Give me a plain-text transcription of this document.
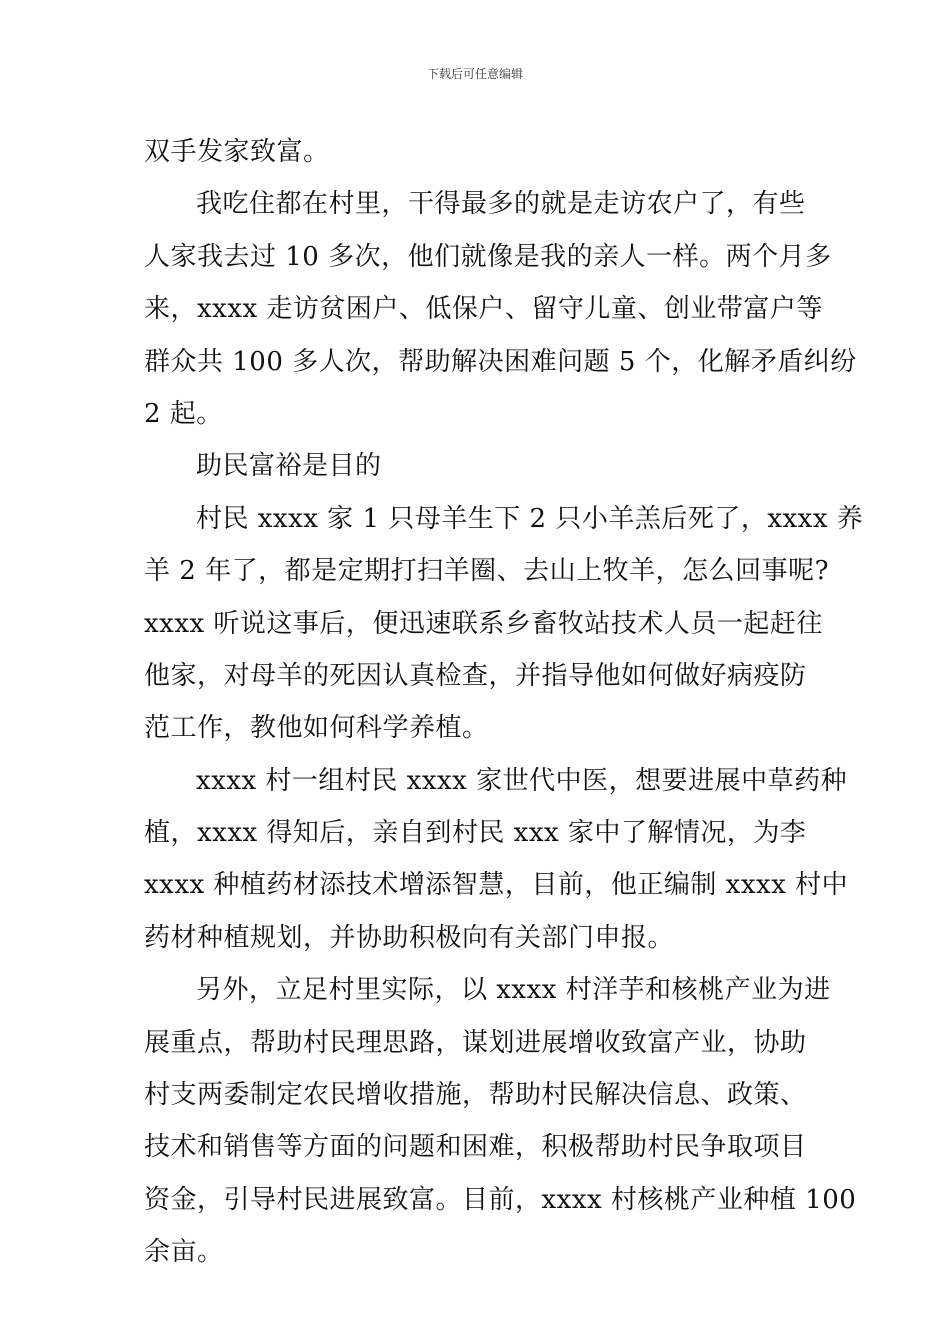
下载后可任意编辑
双手发家致富。
我吃住都在村里，干得最多的就是走访农户了，有些
人家我去过 10 多次，他们就像是我的亲人一样。两个月多
来，xxxx 走访贫困户、低保户、留守儿童、创业带富户等
群众共 100 多人次，帮助解决困难问题 5 个，化解矛盾纠纷
2 起。
助民富裕是目的
村民 xxxx 家 1 只母羊生下 2 只小羊羔后死了，xxxx 养
羊 2 年了，都是定期打扫羊圈、去山上牧羊，怎么回事呢?
xxxx 听说这事后，便迅速联系乡畜牧站技术人员一起赶往
他家，对母羊的死因认真检查，并指导他如何做好病疫防
范工作，教他如何科学养植。
xxxx 村一组村民 xxxx 家世代中医，想要进展中草药种
植，xxxx 得知后，亲自到村民 xxx 家中了解情况，为李
xxxx 种植药材添技术增添智慧，目前，他正编制 xxxx 村中
药材种植规划，并协助积极向有关部门申报。
另外，立足村里实际，以 xxxx 村洋芋和核桃产业为进
展重点，帮助村民理思路，谋划进展增收致富产业，协助
村支两委制定农民增收措施，帮助村民解决信息、政策、
技术和销售等方面的问题和困难，积极帮助村民争取项目
资金，引导村民进展致富。目前，xxxx 村核桃产业种植 100
余亩。
